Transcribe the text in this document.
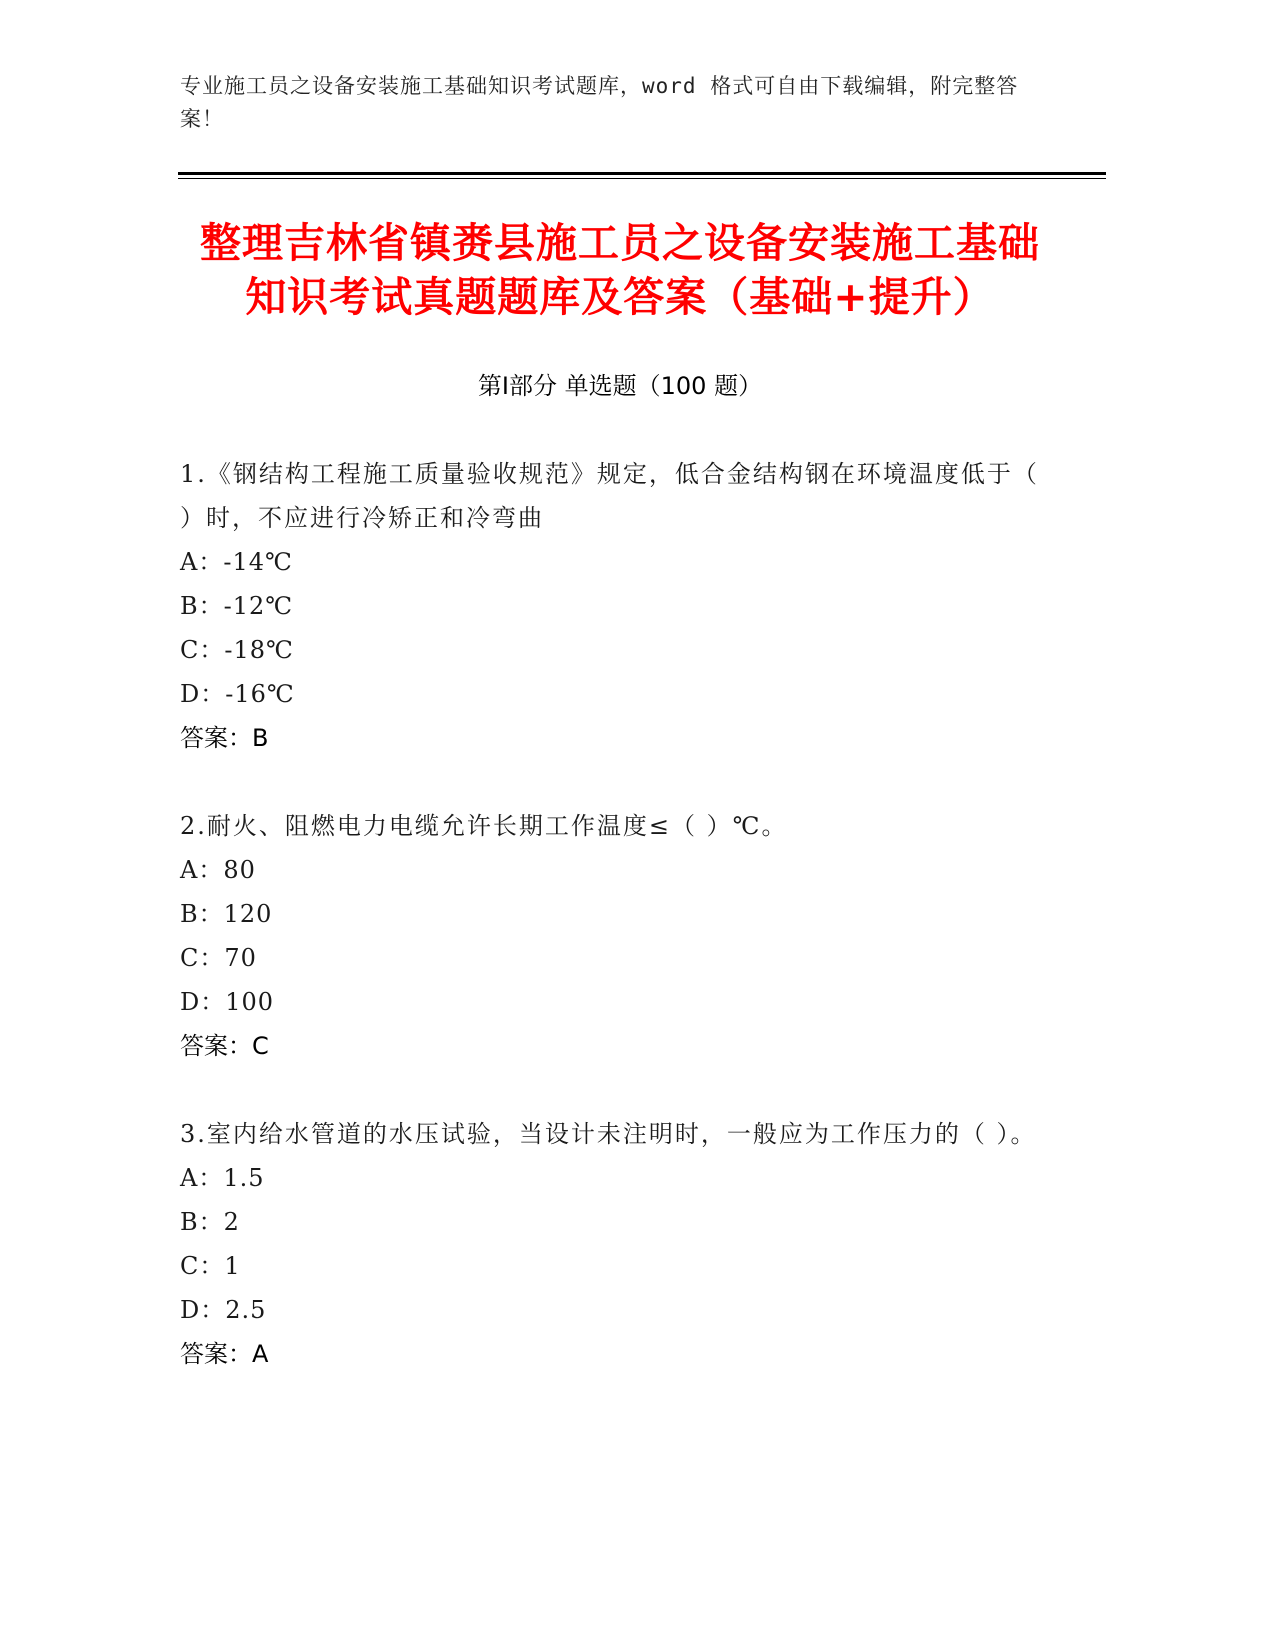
专业施工员之设备安装施工基础知识考试题库，word 格式可自由下载编辑，附完整答案！
整理吉林省镇赉县施工员之设备安装施工基础知识考试真题题库及答案（基础+提升）
第Ⅰ部分 单选题（100 题）
1.《钢结构工程施工质量验收规范》规定，低合金结构钢在环境温度低于（ ）时，不应进行冷矫正和冷弯曲
A：-14℃
B：-12℃
C：-18℃
D：-16℃
答案：B
2.耐火、阻燃电力电缆允许长期工作温度≤（ ）℃。
A：80
B：120
C：70
D：100
答案：C
3.室内给水管道的水压试验，当设计未注明时，一般应为工作压力的（ ）。
A：1.5
B：2
C：1
D：2.5
答案：A
